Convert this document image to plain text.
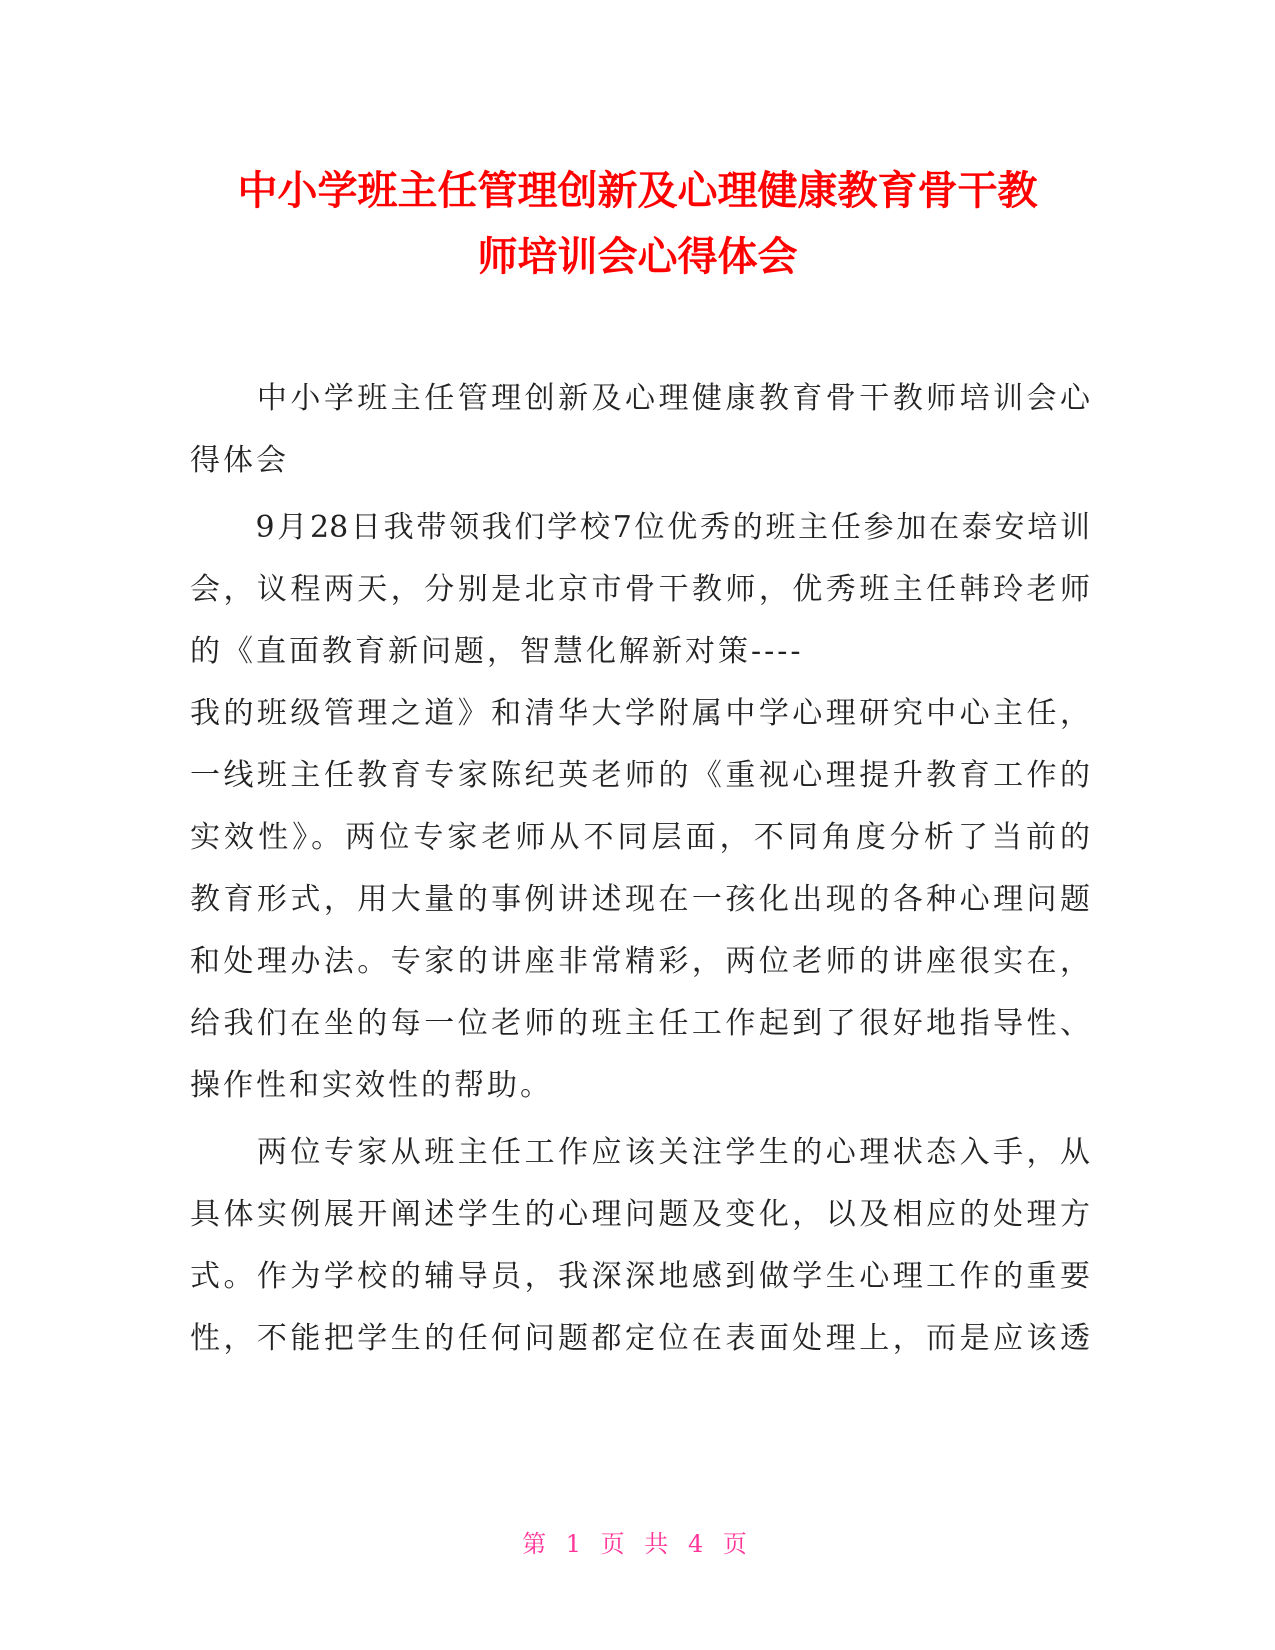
中小学班主任管理创新及心理健康教育骨干教
师培训会心得体会

　　中小学班主任管理创新及心理健康教育骨干教师培训会心
得体会

　　9月28日我带领我们学校7位优秀的班主任参加在泰安培训
会，议程两天，分别是北京市骨干教师，优秀班主任韩玲老师
的《直面教育新问题，智慧化解新对策----
我的班级管理之道》和清华大学附属中学心理研究中心主任，
一线班主任教育专家陈纪英老师的《重视心理提升教育工作的
实效性》。两位专家老师从不同层面，不同角度分析了当前的
教育形式，用大量的事例讲述现在一孩化出现的各种心理问题
和处理办法。专家的讲座非常精彩，两位老师的讲座很实在，
给我们在坐的每一位老师的班主任工作起到了很好地指导性、
操作性和实效性的帮助。

　　两位专家从班主任工作应该关注学生的心理状态入手，从
具体实例展开阐述学生的心理问题及变化，以及相应的处理方
式。作为学校的辅导员，我深深地感到做学生心理工作的重要
性，不能把学生的任何问题都定位在表面处理上，而是应该透

第 1 页 共 4 页
